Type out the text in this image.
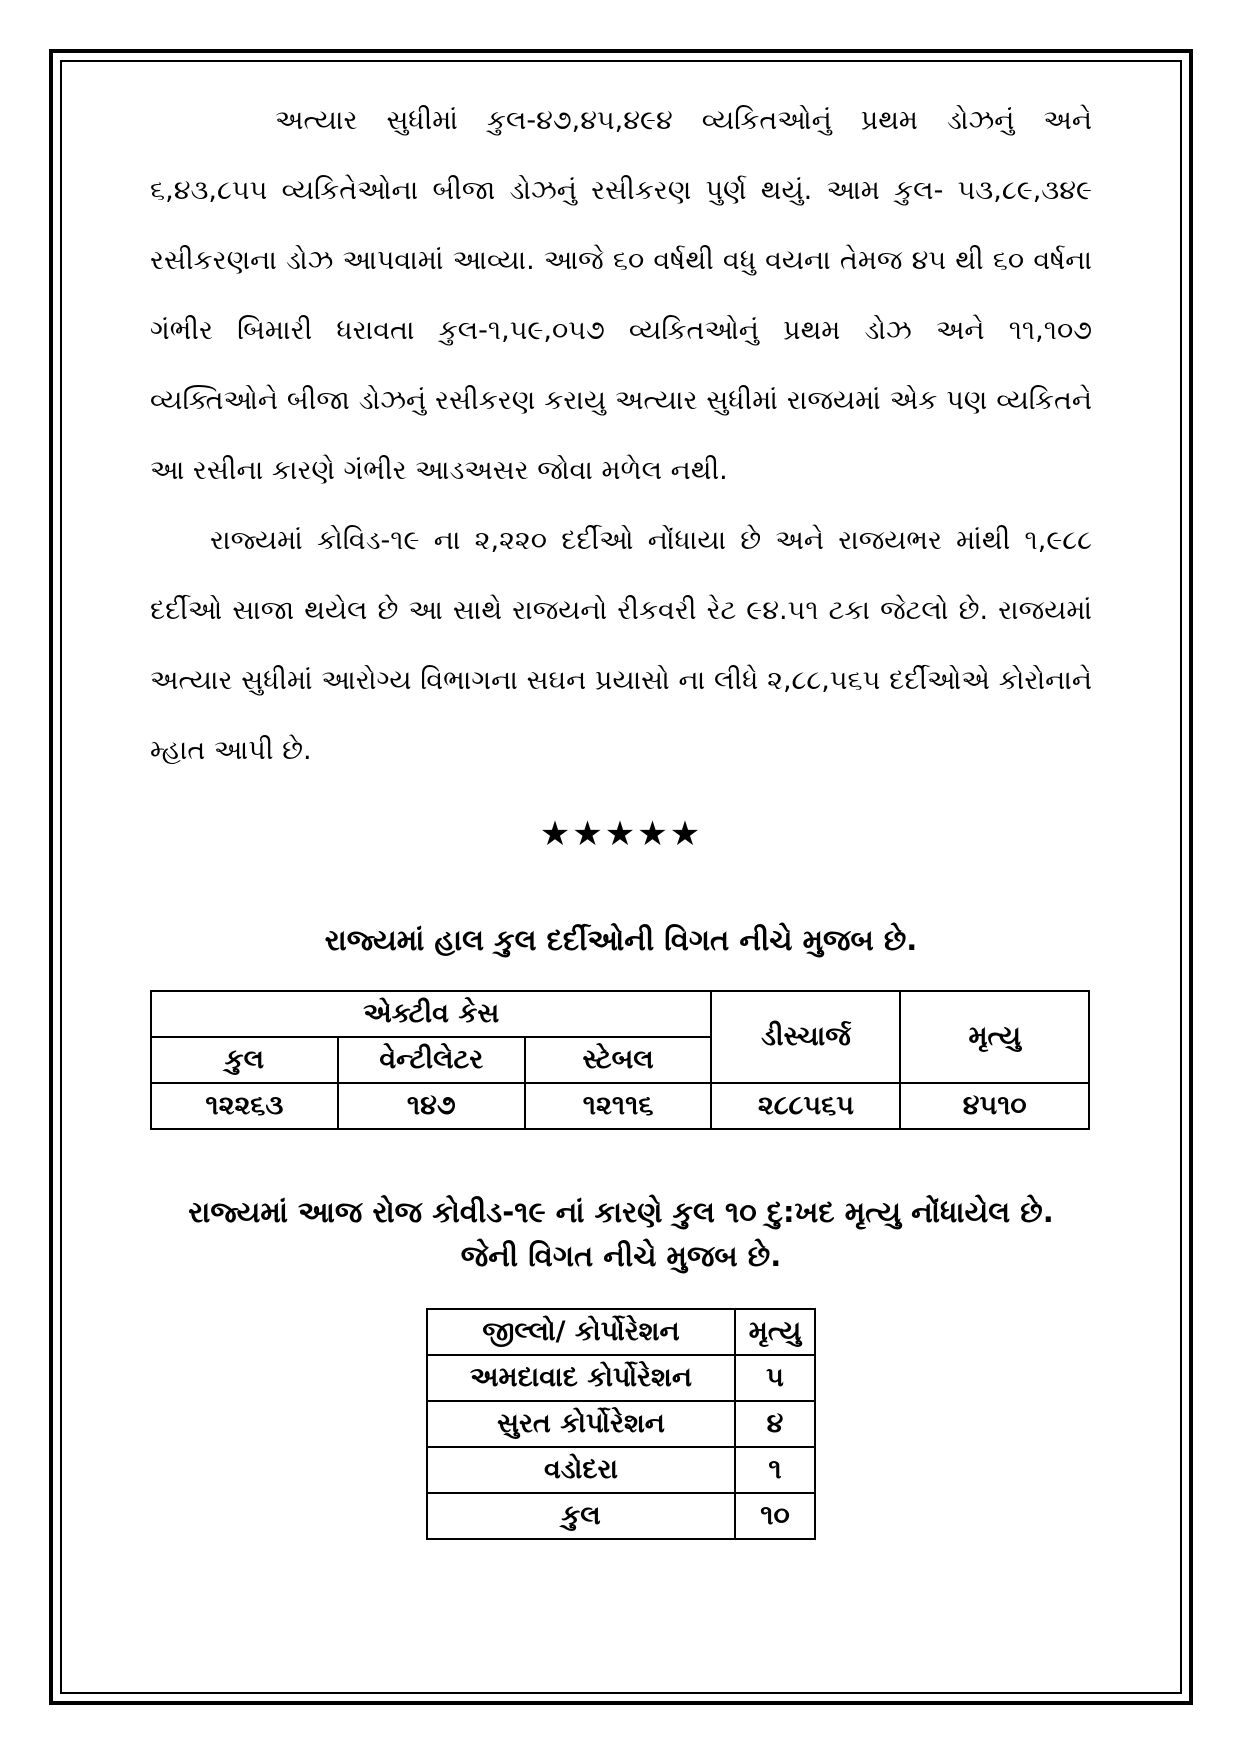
અત્યાર સુધીમાં કુલ-૪૭,૪૫,૪૯૪ વ્યકિતઓનું પ્રથમ ડોઝનું અને ૬,૪૩,૮૫૫ વ્યકિતેઓના બીજા ડોઝનું રસીકરણ પુર્ણ થયું. આમ કુલ- ૫૩,૮૯,૩૪૯ રસીકરણના ડોઝ આપવામાં આવ્યા. આજે ૬૦ વર્ષથી વધુ વયના તેમજ ૪૫ થી ૬૦ વર્ષના ગંભીર બિમારી ધરાવતા કુલ-૧,૫૯,૦૫૭ વ્યકિતઓનું પ્રથમ ડોઝ અને ૧૧,૧૦૭ વ્યક્તિઓને બીજા ડોઝનું રસીકરણ કરાયુ અત્યાર સુધીમાં રાજયમાં એક પણ વ્યકિતને આ રસીના કારણે ગંભીર આડઅસર જોવા મળેલ નથી.

રાજ્યમાં કોવિડ-૧૯ ના ૨,૨૨૦ દર્દીઓ નોંધાયા છે અને રાજયભર માંથી ૧,૯૮૮ દર્દીઓ સાજા થયેલ છે આ સાથે રાજયનો રીકવરી રેટ ૯૪.૫૧ ટકા જેટલો છે. રાજયમાં અત્યાર સુધીમાં આરોગ્ય વિભાગના સઘન પ્રયાસો ના લીધે ૨,૮૮,૫૬૫ દર્દીઓએ કોરોનાને મ્હાત આપી છે.

★★★★★

રાજ્યમાં હાલ કુલ દર્દીઓની વિગત નીચે મુજબ છે.

એક્ટીવ કેસ			ડીસ્ચાર્જ	મૃત્યુ
કુલ	વેન્ટીલેટર	સ્ટેબલ		
૧૨૨૬૩	૧૪૭	૧૨૧૧૬	૨૮૮૫૬૫	૪૫૧૦

રાજ્યમાં આજ રોજ કોવીડ-૧૯ નાં કારણે કુલ ૧૦ દુ:ખદ મૃત્યુ નોંધાયેલ છે.

જેની વિગત નીચે મુજબ છે.

જીલ્લો/ કોર્પોરેશન	મૃત્યુ
અમદાવાદ કોર્પોરેશન	૫
સુરત કોર્પોરેશન	૪
વડોદરા	૧
કુલ	૧૦
